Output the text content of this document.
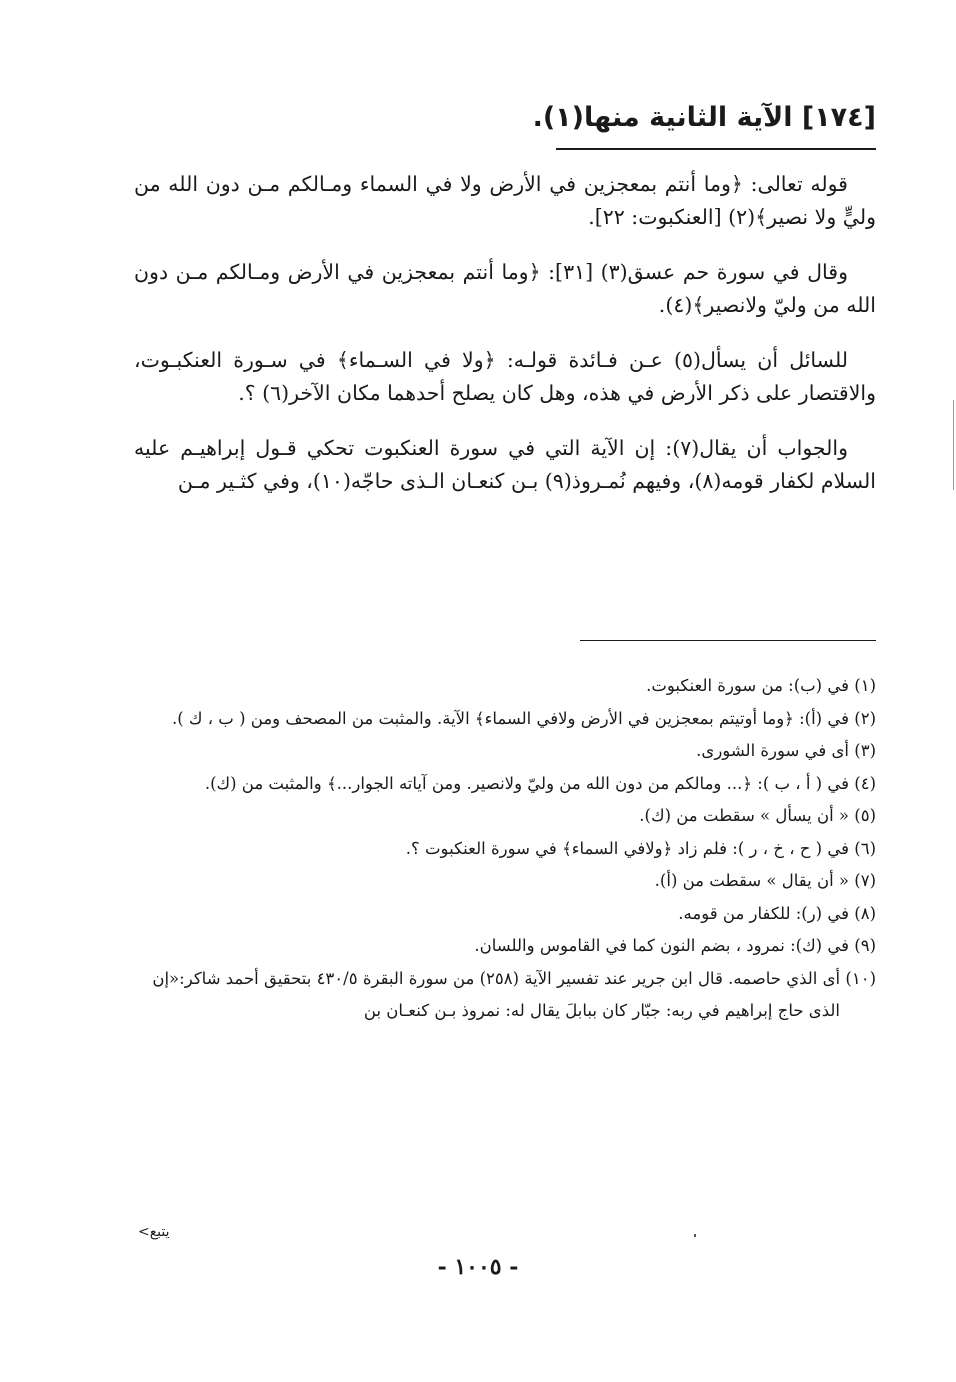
[١٧٤] الآية الثانية منها(١).

قوله تعالى: ﴿وما أنتم بمعجزين في الأرض ولا في السماء ومـالكم مـن دون الله من وليٍّ ولا نصير﴾(٢) [العنكبوت: ٢٢].

وقال في سورة حم عسق(٣) [٣١]: ﴿وما أنتم بمعجزين في الأرض ومـالكم مـن دون الله من وليّ ولانصير﴾(٤).

للسائل أن يسأل(٥) عـن فـائدة قولـه: ﴿ولا في السـماء﴾ في سـورة العنكبـوت، والاقتصار على ذكر الأرض في هذه، وهل كان يصلح أحدهما مكان الآخر(٦) ؟.

والجواب أن يقال(٧): إن الآية التي في سورة العنكبوت تحكي قـول إبراهيـم عليه السلام لكفار قومه(٨)، وفيهم نُمـروذ(٩) بـن كنعـان الـذى حاجّه(١٠)، وفي كثـير مـن

(١) في (ب): من سورة العنكبوت.

(٢) في (أ): ﴿وما أوتيتم بمعجزين في الأرض ولافي السماء﴾ الآية. والمثبت من المصحف ومن ( ب ، ك ).

(٣) أى في سورة الشورى.

(٤) في ( أ ، ب ): ﴿... ومالكم من دون الله من وليّ ولانصير. ومن آياته الجوار...﴾ والمثبت من (ك).

(٥) « أن يسأل » سقطت من (ك).

(٦) في ( ح ، خ ، ر ): فلم زاد ﴿ولافي السماء﴾ في سورة العنكبوت ؟.

(٧) « أن يقال » سقطت من (أ).

(٨) في (ر): للكفار من قومه.

(٩) في (ك): نمرود ، بضم النون كما في القاموس واللسان.

(١٠) أى الذي حاصمه. قال ابن جرير عند تفسير الآية (٢٥٨) من سورة البقرة ٤٣٠/٥ بتحقيق أحمد شاكر:«إن الذى حاج إبراهيم في ربه: جبّار كان ببابلَ يقال له: نمروذ بـن كنعـان بن

يتبع>
- ١٠٠٥ -
